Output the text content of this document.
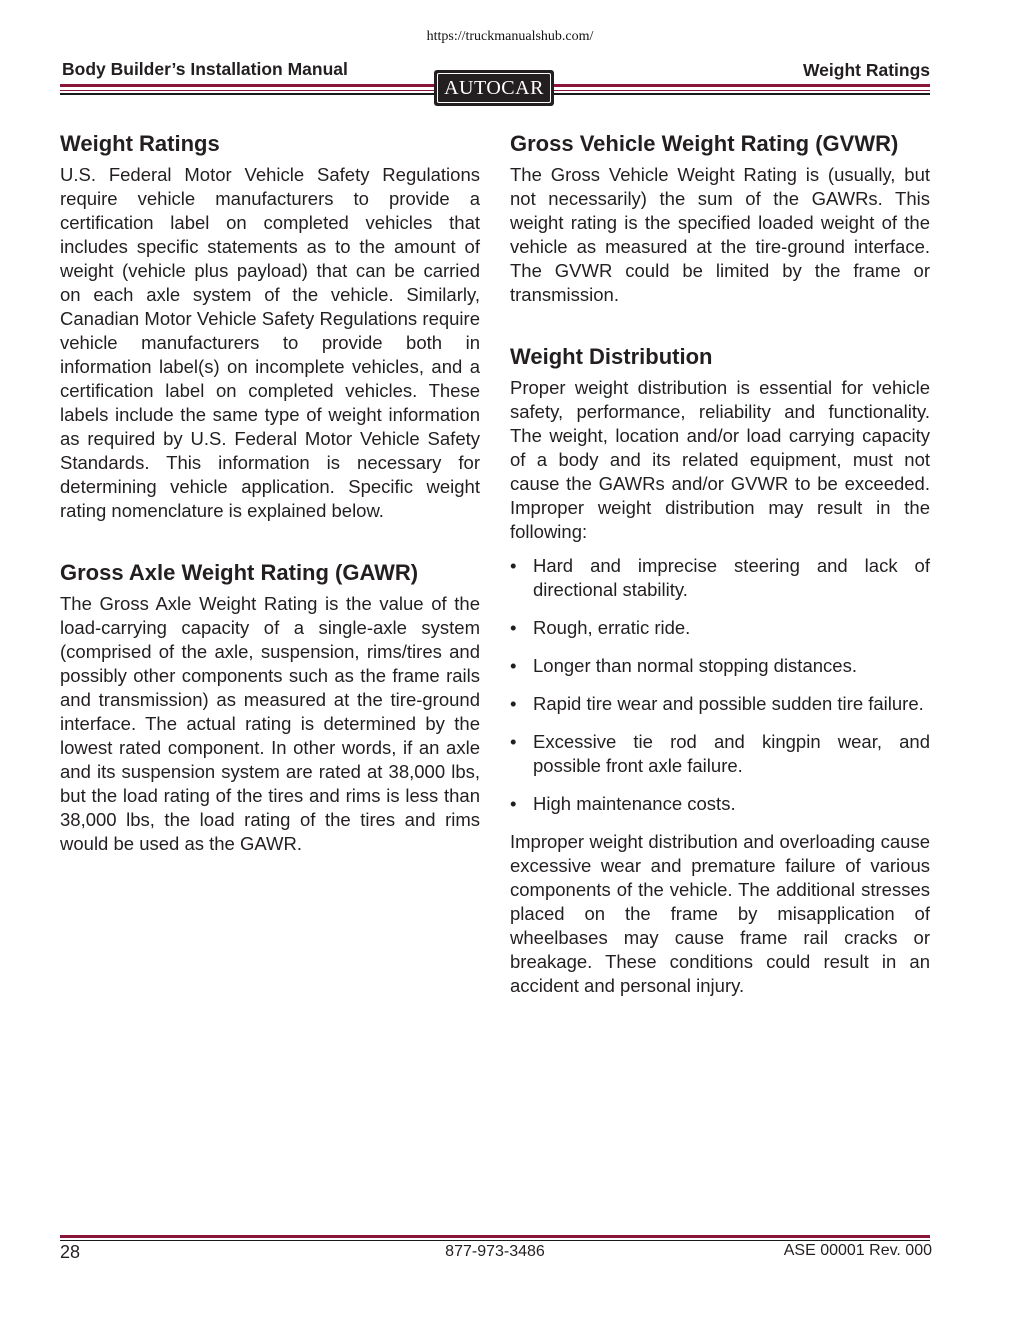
https://truckmanualshub.com/
Body Builder’s Installation Manual	Weight Ratings
AUTOCAR
Weight Ratings

U.S. Federal Motor Vehicle Safety Regulations require vehicle manufacturers to provide a certification label on completed vehicles that includes specific statements as to the amount of weight (vehicle plus payload) that can be carried on each axle system of the vehicle. Similarly, Canadian Motor Vehicle Safety Regulations require vehicle manufacturers to provide both in information label(s) on incomplete vehicles, and a certification label on completed vehicles. These labels include the same type of weight information as required by U.S. Federal Motor Vehicle Safety Standards. This information is necessary for determining vehicle application. Specific weight rating nomenclature is explained below.

Gross Axle Weight Rating (GAWR)

The Gross Axle Weight Rating is the value of the load-carrying capacity of a single-axle system (comprised of the axle, suspension, rims/tires and possibly other components such as the frame rails and transmission) as measured at the tire-ground interface. The actual rating is determined by the lowest rated component. In other words, if an axle and its suspension system are rated at 38,000 lbs, but the load rating of the tires and rims is less than 38,000 lbs, the load rating of the tires and rims would be used as the GAWR.

Gross Vehicle Weight Rating (GVWR)

The Gross Vehicle Weight Rating is (usually, but not necessarily) the sum of the GAWRs. This weight rating is the specified loaded weight of the vehicle as measured at the tire-ground interface. The GVWR could be limited by the frame or transmission.

Weight Distribution

Proper weight distribution is essential for vehicle safety, performance, reliability and functionality. The weight, location and/or load carrying capacity of a body and its related equipment, must not cause the GAWRs and/or GVWR to be exceeded. Improper weight distribution may result in the following:

• Hard and imprecise steering and lack of directional stability.
• Rough, erratic ride.
• Longer than normal stopping distances.
• Rapid tire wear and possible sudden tire failure.
• Excessive tie rod and kingpin wear, and possible front axle failure.
• High maintenance costs.

Improper weight distribution and overloading cause excessive wear and premature failure of various components of the vehicle. The additional stresses placed on the frame by misapplication of wheelbases may cause frame rail cracks or breakage. These conditions could result in an accident and personal injury.

28	877-973-3486	ASE 00001 Rev. 000
